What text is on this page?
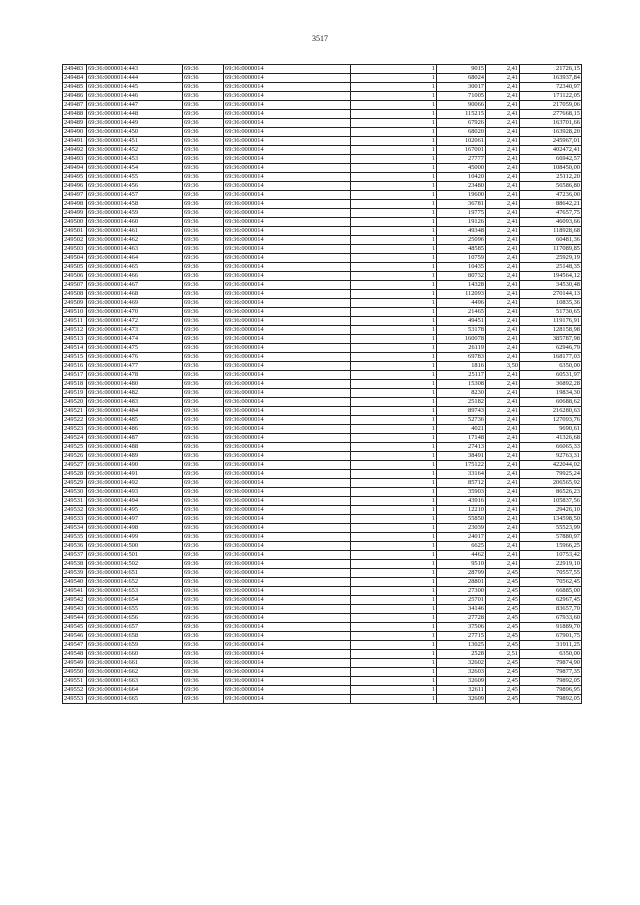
3517
249483	69:36:0000014:443	69:36	69:36:0000014	1	9015	2,41	21726,15
249484	69:36:0000014:444	69:36	69:36:0000014	1	68024	2,41	163937,84
249485	69:36:0000014:445	69:36	69:36:0000014	1	30017	2,41	72340,97
249486	69:36:0000014:446	69:36	69:36:0000014	1	71005	2,41	171122,05
249487	69:36:0000014:447	69:36	69:36:0000014	1	90066	2,41	217059,06
249488	69:36:0000014:448	69:36	69:36:0000014	1	115215	2,41	277668,15
249489	69:36:0000014:449	69:36	69:36:0000014	1	67926	2,41	163701,66
249490	69:36:0000014:450	69:36	69:36:0000014	1	68020	2,41	163928,20
249491	69:36:0000014:451	69:36	69:36:0000014	1	102061	2,41	245967,01
249492	69:36:0000014:452	69:36	69:36:0000014	1	167001	2,41	402472,41
249493	69:36:0000014:453	69:36	69:36:0000014	1	27777	2,41	66942,57
249494	69:36:0000014:454	69:36	69:36:0000014	1	45000	2,41	108450,00
249495	69:36:0000014:455	69:36	69:36:0000014	1	10420	2,41	25112,20
249496	69:36:0000014:456	69:36	69:36:0000014	1	23480	2,41	56586,80
249497	69:36:0000014:457	69:36	69:36:0000014	1	19600	2,41	47236,00
249498	69:36:0000014:458	69:36	69:36:0000014	1	36781	2,41	88642,21
249499	69:36:0000014:459	69:36	69:36:0000014	1	19775	2,41	47657,75
249500	69:36:0000014:460	69:36	69:36:0000014	1	19126	2,41	46093,66
249501	69:36:0000014:461	69:36	69:36:0000014	1	49348	2,41	118928,68
249502	69:36:0000014:462	69:36	69:36:0000014	1	25096	2,41	60481,36
249503	69:36:0000014:463	69:36	69:36:0000014	1	48585	2,41	117089,85
249504	69:36:0000014:464	69:36	69:36:0000014	1	10759	2,41	25929,19
249505	69:36:0000014:465	69:36	69:36:0000014	1	10435	2,41	25148,35
249506	69:36:0000014:466	69:36	69:36:0000014	1	80732	2,41	194564,12
249507	69:36:0000014:467	69:36	69:36:0000014	1	14328	2,41	34530,48
249508	69:36:0000014:468	69:36	69:36:0000014	1	112093	2,41	270144,13
249509	69:36:0000014:469	69:36	69:36:0000014	1	4496	2,41	10835,36
249510	69:36:0000014:470	69:36	69:36:0000014	1	21465	2,41	51730,65
249511	69:36:0000014:472	69:36	69:36:0000014	1	49451	2,41	119176,91
249512	69:36:0000014:473	69:36	69:36:0000014	1	53178	2,41	128158,98
249513	69:36:0000014:474	69:36	69:36:0000014	1	160078	2,41	385787,98
249514	69:36:0000014:475	69:36	69:36:0000014	1	26119	2,41	62946,79
249515	69:36:0000014:476	69:36	69:36:0000014	1	69783	2,41	168177,03
249516	69:36:0000014:477	69:36	69:36:0000014	1	1816	3,50	6350,00
249517	69:36:0000014:478	69:36	69:36:0000014	1	25117	2,41	60531,97
249518	69:36:0000014:480	69:36	69:36:0000014	1	15308	2,41	36892,28
249519	69:36:0000014:482	69:36	69:36:0000014	1	8230	2,41	19834,30
249520	69:36:0000014:483	69:36	69:36:0000014	1	25182	2,41	60688,62
249521	69:36:0000014:484	69:36	69:36:0000014	1	89743	2,41	216280,63
249522	69:36:0000014:485	69:36	69:36:0000014	1	52736	2,41	127093,76
249523	69:36:0000014:486	69:36	69:36:0000014	1	4021	2,41	9690,61
249524	69:36:0000014:487	69:36	69:36:0000014	1	17148	2,41	41326,68
249525	69:36:0000014:488	69:36	69:36:0000014	1	27413	2,41	66065,33
249526	69:36:0000014:489	69:36	69:36:0000014	1	38491	2,41	92763,31
249527	69:36:0000014:490	69:36	69:36:0000014	1	175122	2,41	422044,02
249528	69:36:0000014:491	69:36	69:36:0000014	1	33164	2,41	79925,24
249529	69:36:0000014:492	69:36	69:36:0000014	1	85712	2,41	206565,92
249530	69:36:0000014:493	69:36	69:36:0000014	1	35903	2,41	86526,23
249531	69:36:0000014:494	69:36	69:36:0000014	1	43916	2,41	105837,56
249532	69:36:0000014:495	69:36	69:36:0000014	1	12210	2,41	29426,10
249533	69:36:0000014:497	69:36	69:36:0000014	1	55850	2,41	134598,50
249534	69:36:0000014:498	69:36	69:36:0000014	1	23039	2,41	55523,99
249535	69:36:0000014:499	69:36	69:36:0000014	1	24017	2,41	57880,97
249536	69:36:0000014:500	69:36	69:36:0000014	1	6625	2,41	15966,25
249537	69:36:0000014:501	69:36	69:36:0000014	1	4462	2,41	10753,42
249538	69:36:0000014:502	69:36	69:36:0000014	1	9510	2,41	22919,10
249539	69:36:0000014:651	69:36	69:36:0000014	1	28799	2,45	70557,55
249540	69:36:0000014:652	69:36	69:36:0000014	1	28801	2,45	70562,45
249541	69:36:0000014:653	69:36	69:36:0000014	1	27300	2,45	66885,00
249542	69:36:0000014:654	69:36	69:36:0000014	1	25701	2,45	62967,45
249543	69:36:0000014:655	69:36	69:36:0000014	1	34146	2,45	83657,70
249544	69:36:0000014:656	69:36	69:36:0000014	1	27728	2,45	67933,60
249545	69:36:0000014:657	69:36	69:36:0000014	1	37506	2,45	91889,70
249546	69:36:0000014:658	69:36	69:36:0000014	1	27715	2,45	67901,75
249547	69:36:0000014:659	69:36	69:36:0000014	1	13025	2,45	31911,25
249548	69:36:0000014:660	69:36	69:36:0000014	1	2528	2,51	6350,00
249549	69:36:0000014:661	69:36	69:36:0000014	1	32602	2,45	79874,90
249550	69:36:0000014:662	69:36	69:36:0000014	1	32603	2,45	79877,35
249551	69:36:0000014:663	69:36	69:36:0000014	1	32609	2,45	79892,05
249552	69:36:0000014:664	69:36	69:36:0000014	1	32611	2,45	79896,95
249553	69:36:0000014:665	69:36	69:36:0000014	1	32609	2,45	79892,05
